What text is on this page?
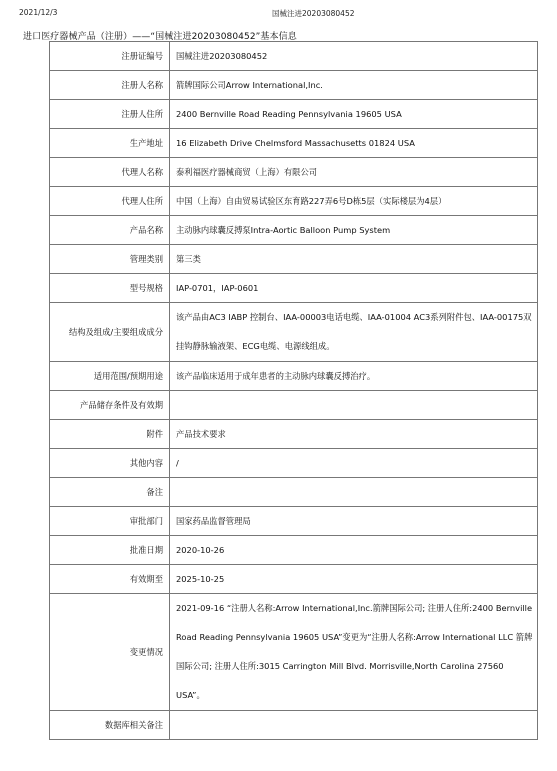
2021/12/3	国械注进20203080452
进口医疗器械产品（注册）——“国械注进20203080452”基本信息
注册证编号	国械注进20203080452
注册人名称	箭牌国际公司Arrow International,Inc.
注册人住所	2400 Bernville Road Reading Pennsylvania 19605 USA
生产地址	16 Elizabeth Drive Chelmsford Massachusetts 01824 USA
代理人名称	泰利福医疗器械商贸（上海）有限公司
代理人住所	中国（上海）自由贸易试验区东育路227弄6号D栋5层（实际楼层为4层）
产品名称	主动脉内球囊反搏泵Intra-Aortic Balloon Pump System
管理类别	第三类
型号规格	IAP-0701，IAP-0601
结构及组成/主要组成成分	该产品由AC3 IABP 控制台、IAA-00003电话电缆、IAA-01004 AC3系列附件包、IAA-00175双挂钩静脉输液架、ECG电缆、电源线组成。
适用范围/预期用途	该产品临床适用于成年患者的主动脉内球囊反搏治疗。
产品储存条件及有效期	
附件	产品技术要求
其他内容	/
备注	
审批部门	国家药品监督管理局
批准日期	2020-10-26
有效期至	2025-10-25
变更情况	2021-09-16 “注册人名称:Arrow International,Inc.箭牌国际公司; 注册人住所:2400 Bernville Road Reading Pennsylvania 19605 USA”变更为“注册人名称:Arrow International LLC 箭牌国际公司; 注册人住所:3015 Carrington Mill Blvd. Morrisville,North Carolina 27560 USA”。
数据库相关备注	
